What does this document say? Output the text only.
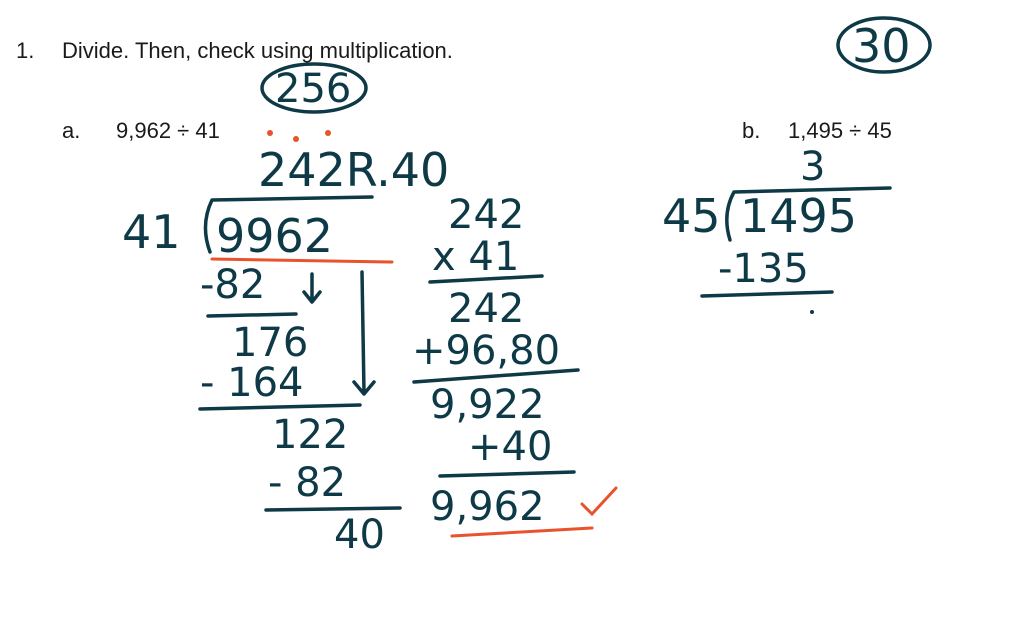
1. Divide. Then, check using multiplication.
a. 9,962 ÷ 41	b. 1,495 ÷ 45
30
256
242R.40
41 9962
-82
176
- 164
122
- 82
40
242
x 41
242
+96,80
9,922
+40
9,962
3
45 1495
-135
